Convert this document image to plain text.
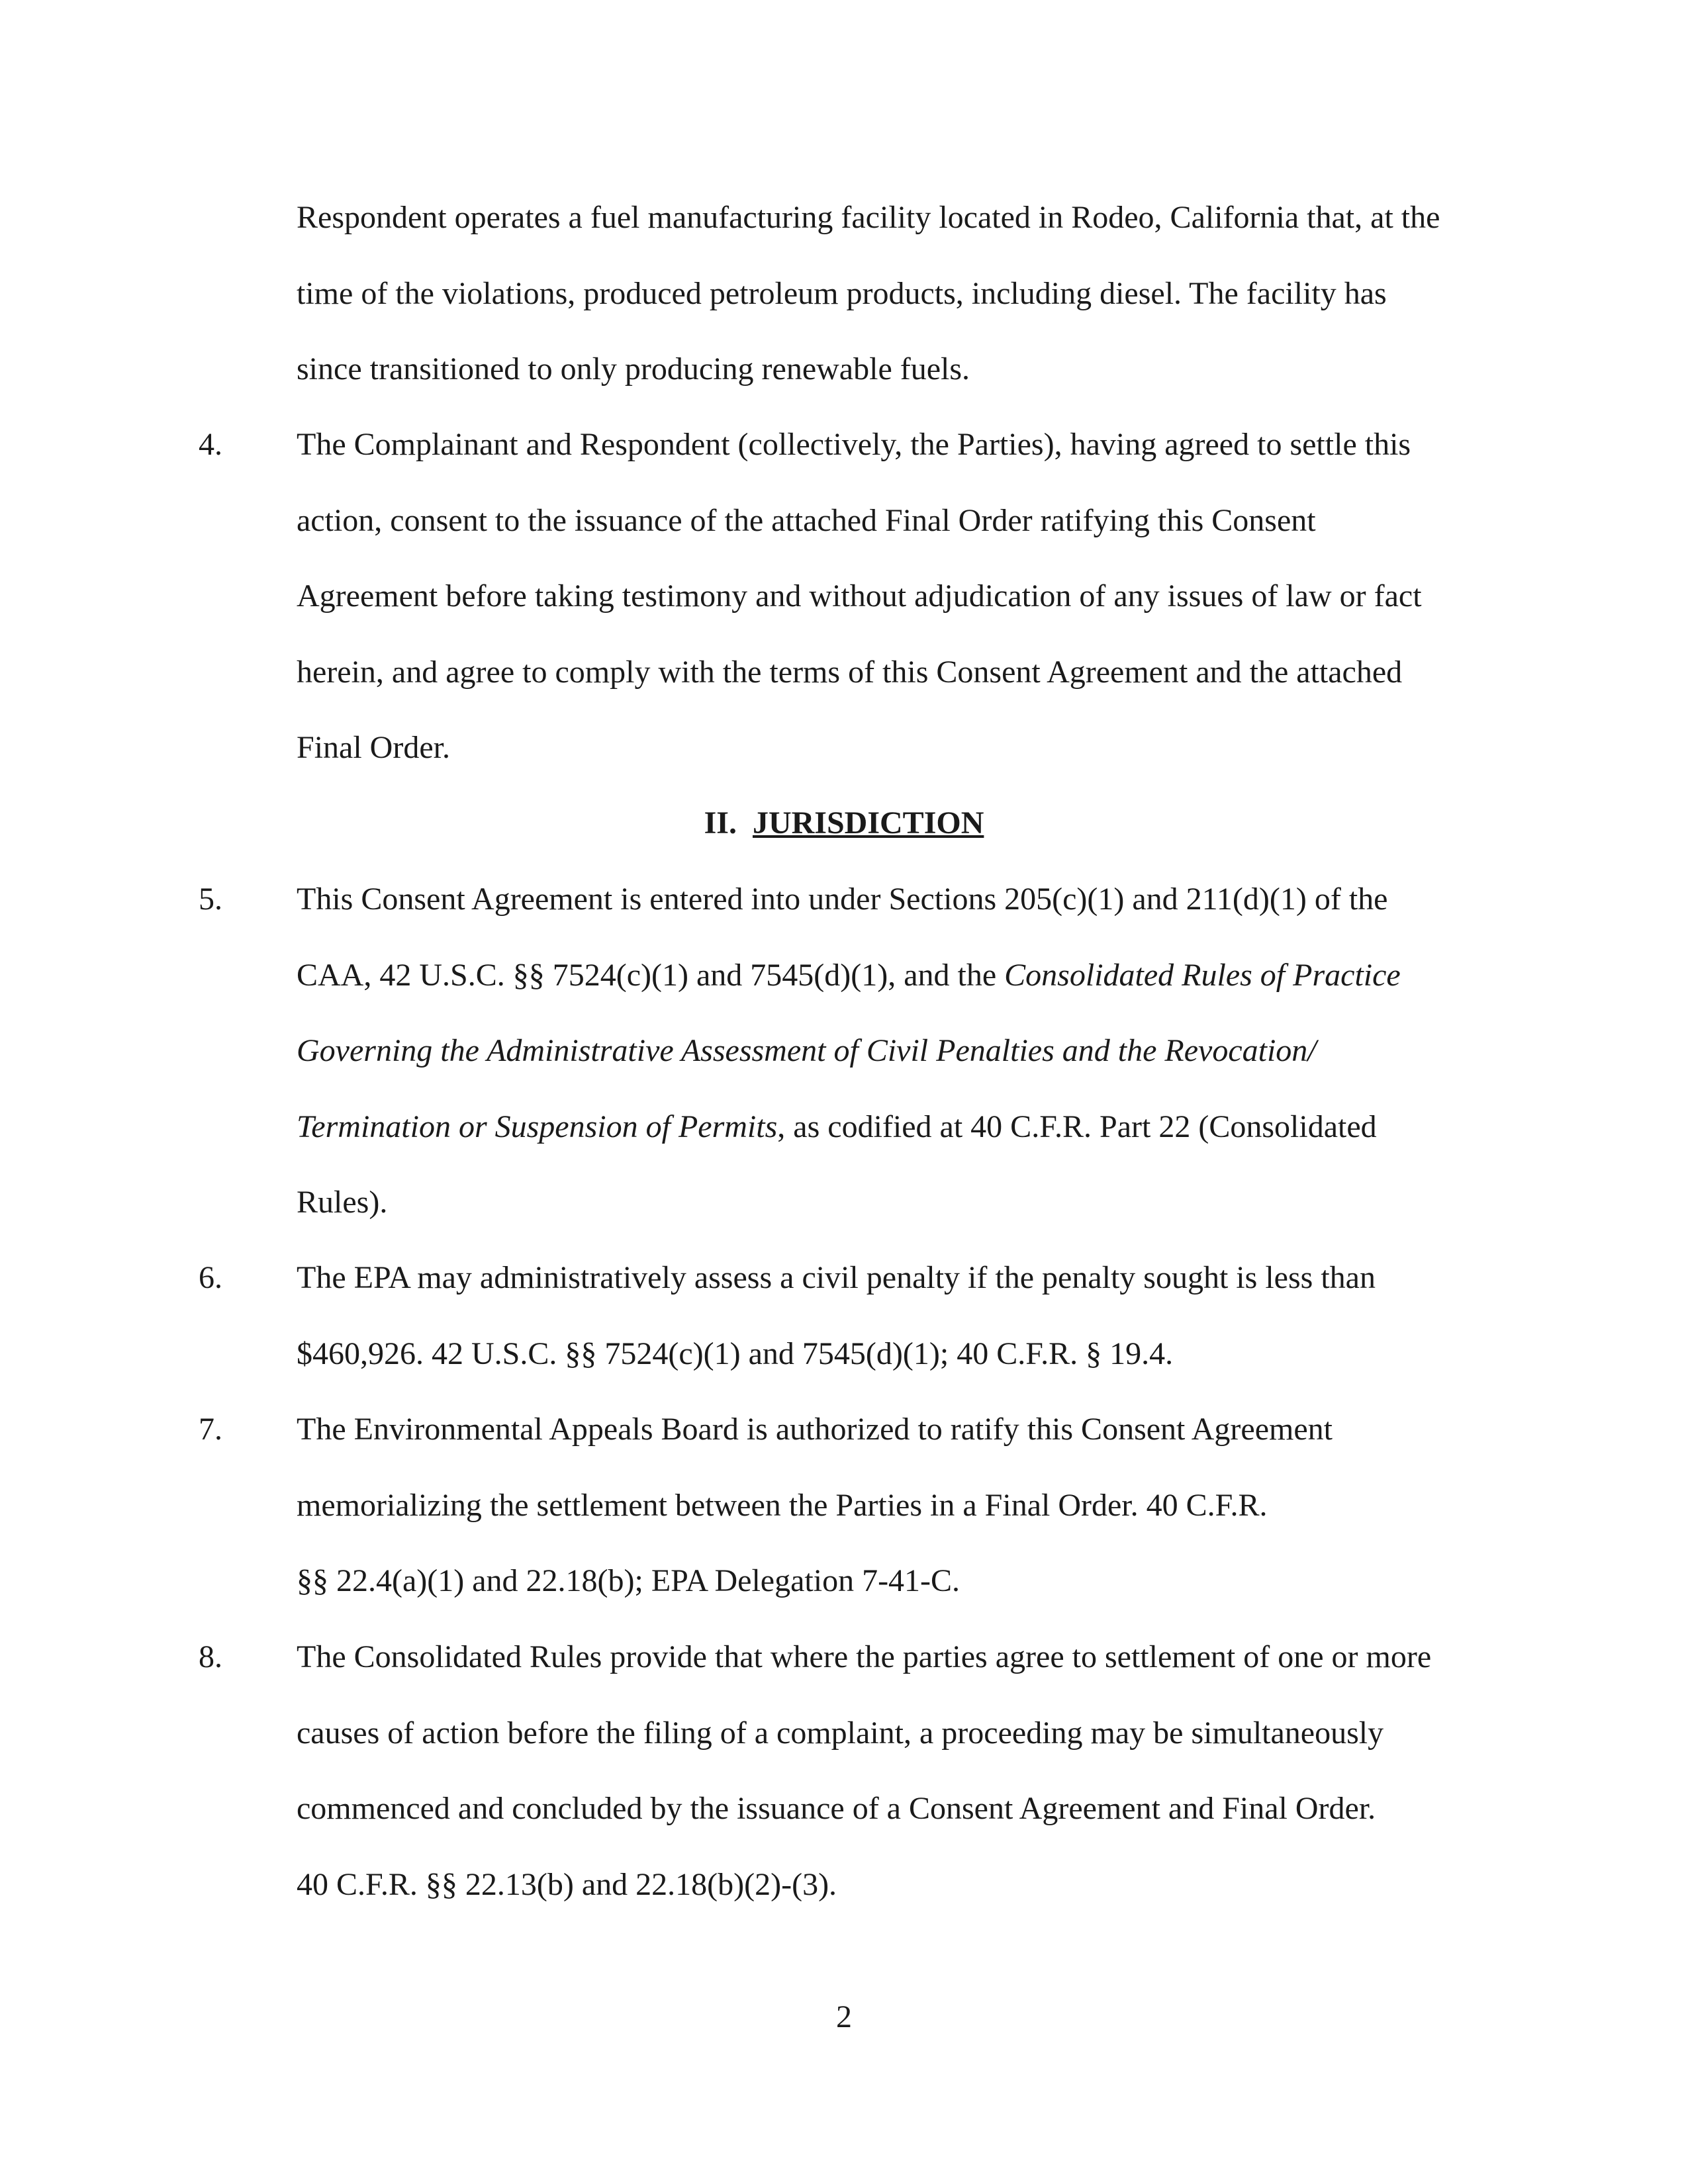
Respondent operates a fuel manufacturing facility located in Rodeo, California that, at the
time of the violations, produced petroleum products, including diesel. The facility has
since transitioned to only producing renewable fuels.
4. The Complainant and Respondent (collectively, the Parties), having agreed to settle this
action, consent to the issuance of the attached Final Order ratifying this Consent
Agreement before taking testimony and without adjudication of any issues of law or fact
herein, and agree to comply with the terms of this Consent Agreement and the attached
Final Order.
II. JURISDICTION
5. This Consent Agreement is entered into under Sections 205(c)(1) and 211(d)(1) of the
CAA, 42 U.S.C. §§ 7524(c)(1) and 7545(d)(1), and the Consolidated Rules of Practice
Governing the Administrative Assessment of Civil Penalties and the Revocation/
Termination or Suspension of Permits, as codified at 40 C.F.R. Part 22 (Consolidated
Rules).
6. The EPA may administratively assess a civil penalty if the penalty sought is less than
$460,926. 42 U.S.C. §§ 7524(c)(1) and 7545(d)(1); 40 C.F.R. § 19.4.
7. The Environmental Appeals Board is authorized to ratify this Consent Agreement
memorializing the settlement between the Parties in a Final Order. 40 C.F.R.
§§ 22.4(a)(1) and 22.18(b); EPA Delegation 7-41-C.
8. The Consolidated Rules provide that where the parties agree to settlement of one or more
causes of action before the filing of a complaint, a proceeding may be simultaneously
commenced and concluded by the issuance of a Consent Agreement and Final Order.
40 C.F.R. §§ 22.13(b) and 22.18(b)(2)-(3).
2
